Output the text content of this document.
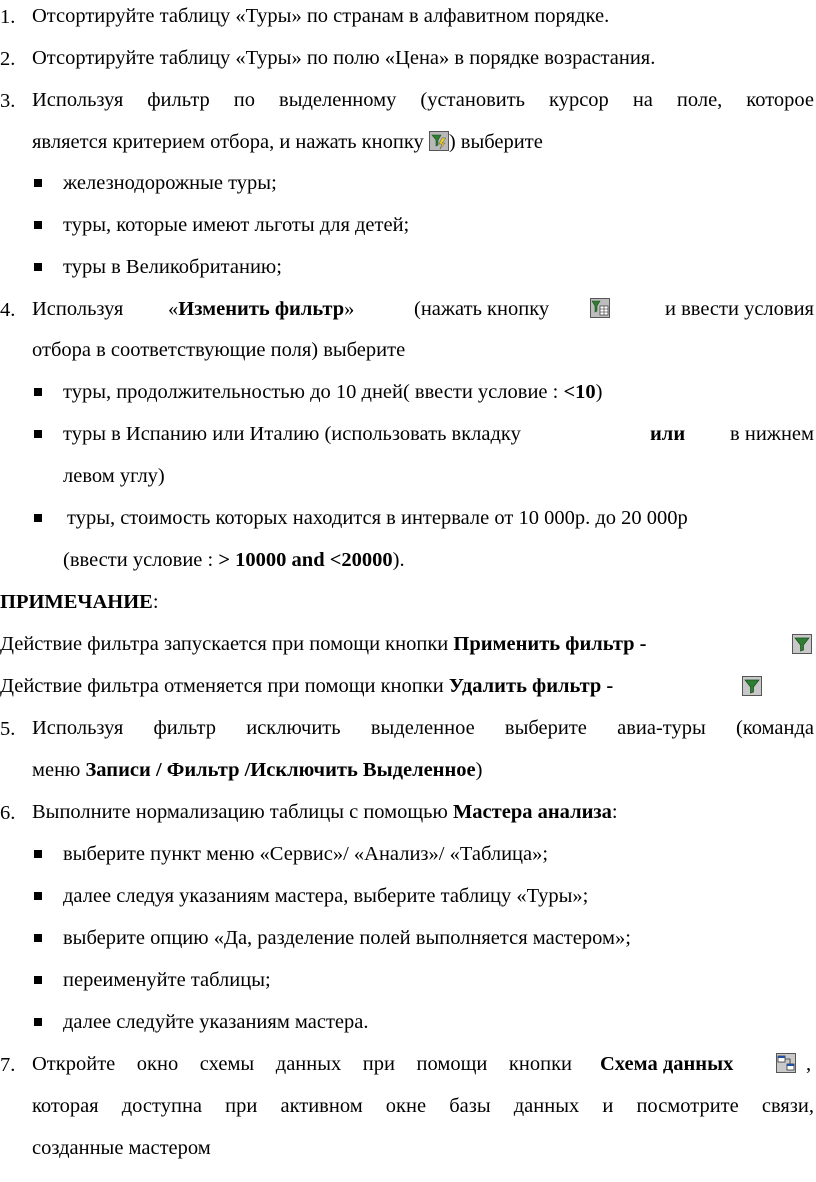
1. Отсортируйте таблицу «Туры» по странам в алфавитном порядке.
2. Отсортируйте таблицу «Туры» по полю «Цена» в порядке возрастания.
3. Используя фильтр по выделенному (установить курсор на поле, которое
является критерием отбора, и нажать кнопку ) выберите
железнодорожные туры;
туры, которые имеют льготы для детей;
туры в Великобританию;
4. Используя «Изменить фильтр»	(нажать кнопку	и ввести условия
отбора в соответствующие поля) выберите
туры, продолжительностью до 10 дней( ввести условие : <10)
туры в Испанию или Италию (использовать вкладку	или	в нижнем
левом углу)
туры, стоимость которых находится в интервале от 10 000р. до 20 000р
(ввести условие : > 10000 and <20000).
ПРИМЕЧАНИЕ:
Действие фильтра запускается при помощи кнопки Применить фильтр -
Действие фильтра отменяется при помощи кнопки Удалить фильтр -
5. Используя фильтр исключить выделенное выберите авиа-туры (команда
меню Записи / Фильтр /Исключить Выделенное)
6. Выполните нормализацию таблицы с помощью Мастера анализа:
выберите пункт меню «Сервис»/ «Анализ»/ «Таблица»;
далее следуя указаниям мастера, выберите таблицу «Туры»;
выберите опцию «Да, разделение полей выполняется мастером»;
переименуйте таблицы;
далее следуйте указаниям мастера.
7. Откройте окно схемы данных при помощи кнопки Схема данных	,
которая доступна при активном окне базы данных и посмотрите связи,
созданные мастером
